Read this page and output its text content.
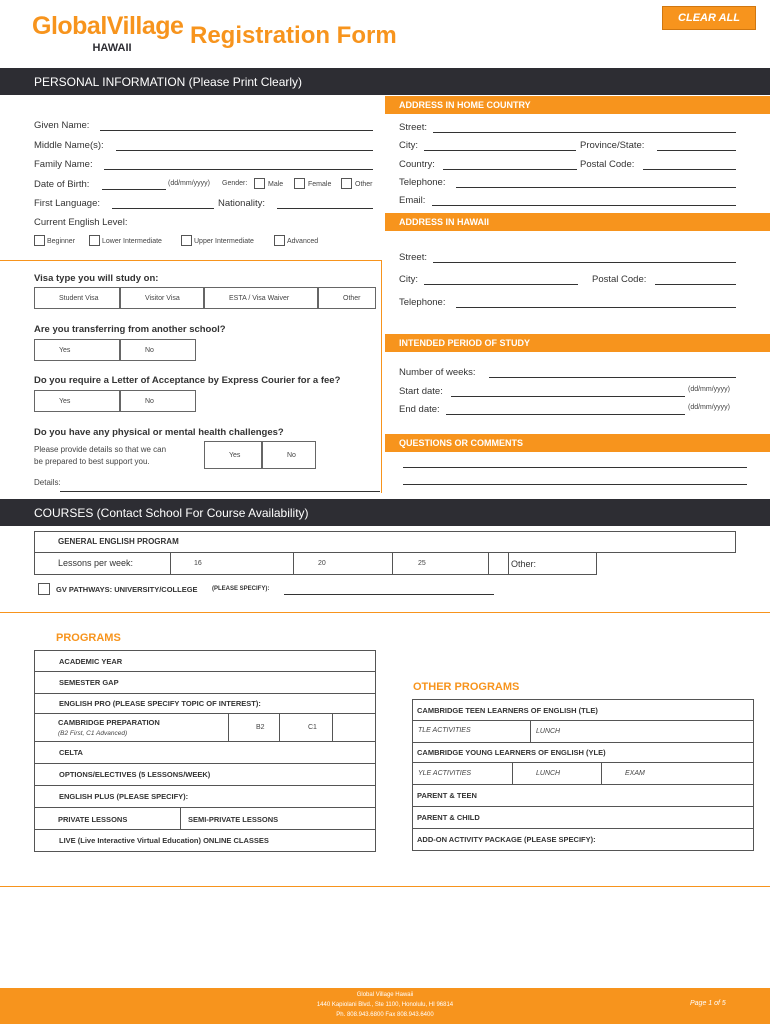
GlobalVillage
HAWAII	Registration Form
CLEAR ALL
PERSONAL INFORMATION (Please Print Clearly)
ADDRESS IN HOME COUNTRY
ADDRESS IN HAWAII
INTENDED PERIOD OF STUDY
QUESTIONS OR COMMENTS
Given Name:
Middle Name(s):
Family Name:
Date of Birth:	(dd/mm/yyyy) Gender:	Male	Female	Other
First Language:	Nationality:
Current English Level:
Beginner	Lower Intermediate	Upper Intermediate	Advanced
Visa type you will study on:
Student Visa	Visitor Visa	ESTA / Visa Waiver	Other
Are you transferring from another school?
Yes	No
Do you require a Letter of Acceptance by Express Courier for a fee?
Yes	No
Do you have any physical or mental health challenges?
Please provide details so that we can
be prepared to best support you.
Yes	No
Details:
Street:
City:	Province/State:
Country:	Postal Code:
Telephone:
Email:
Street:
City:	Postal Code:
Telephone:
Number of weeks:
Start date:	(dd/mm/yyyy)
End date:	(dd/mm/yyyy)
COURSES (Contact School For Course Availability)
GENERAL ENGLISH PROGRAM
Lessons per week:	16	20	25	Other:
GV PATHWAYS: UNIVERSITY/COLLEGE (PLEASE SPECIFY):
PROGRAMS
ACADEMIC YEAR
SEMESTER GAP
ENGLISH PRO (PLEASE SPECIFY TOPIC OF INTEREST):
CAMBRIDGE PREPARATION
(B2 First, C1 Advanced)
B2	C1
CELTA
OPTIONS/ELECTIVES (5 LESSONS/WEEK)
ENGLISH PLUS (PLEASE SPECIFY):
PRIVATE LESSONS	SEMI-PRIVATE LESSONS
LIVE (Live Interactive Virtual Education) ONLINE CLASSES
OTHER PROGRAMS
CAMBRIDGE TEEN LEARNERS OF ENGLISH (TLE)
TLE ACTIVITIES	LUNCH
CAMBRIDGE YOUNG LEARNERS OF ENGLISH (YLE)
YLE ACTIVITIES	LUNCH	EXAM
PARENT & TEEN
PARENT & CHILD
ADD-ON ACTIVITY PACKAGE (PLEASE SPECIFY):
Global Village Hawaii
1440 Kapiolani Blvd., Ste 1100, Honolulu, HI 96814
Ph. 808.943.6800 Fax 808.943.6400
Page 1 of 5
